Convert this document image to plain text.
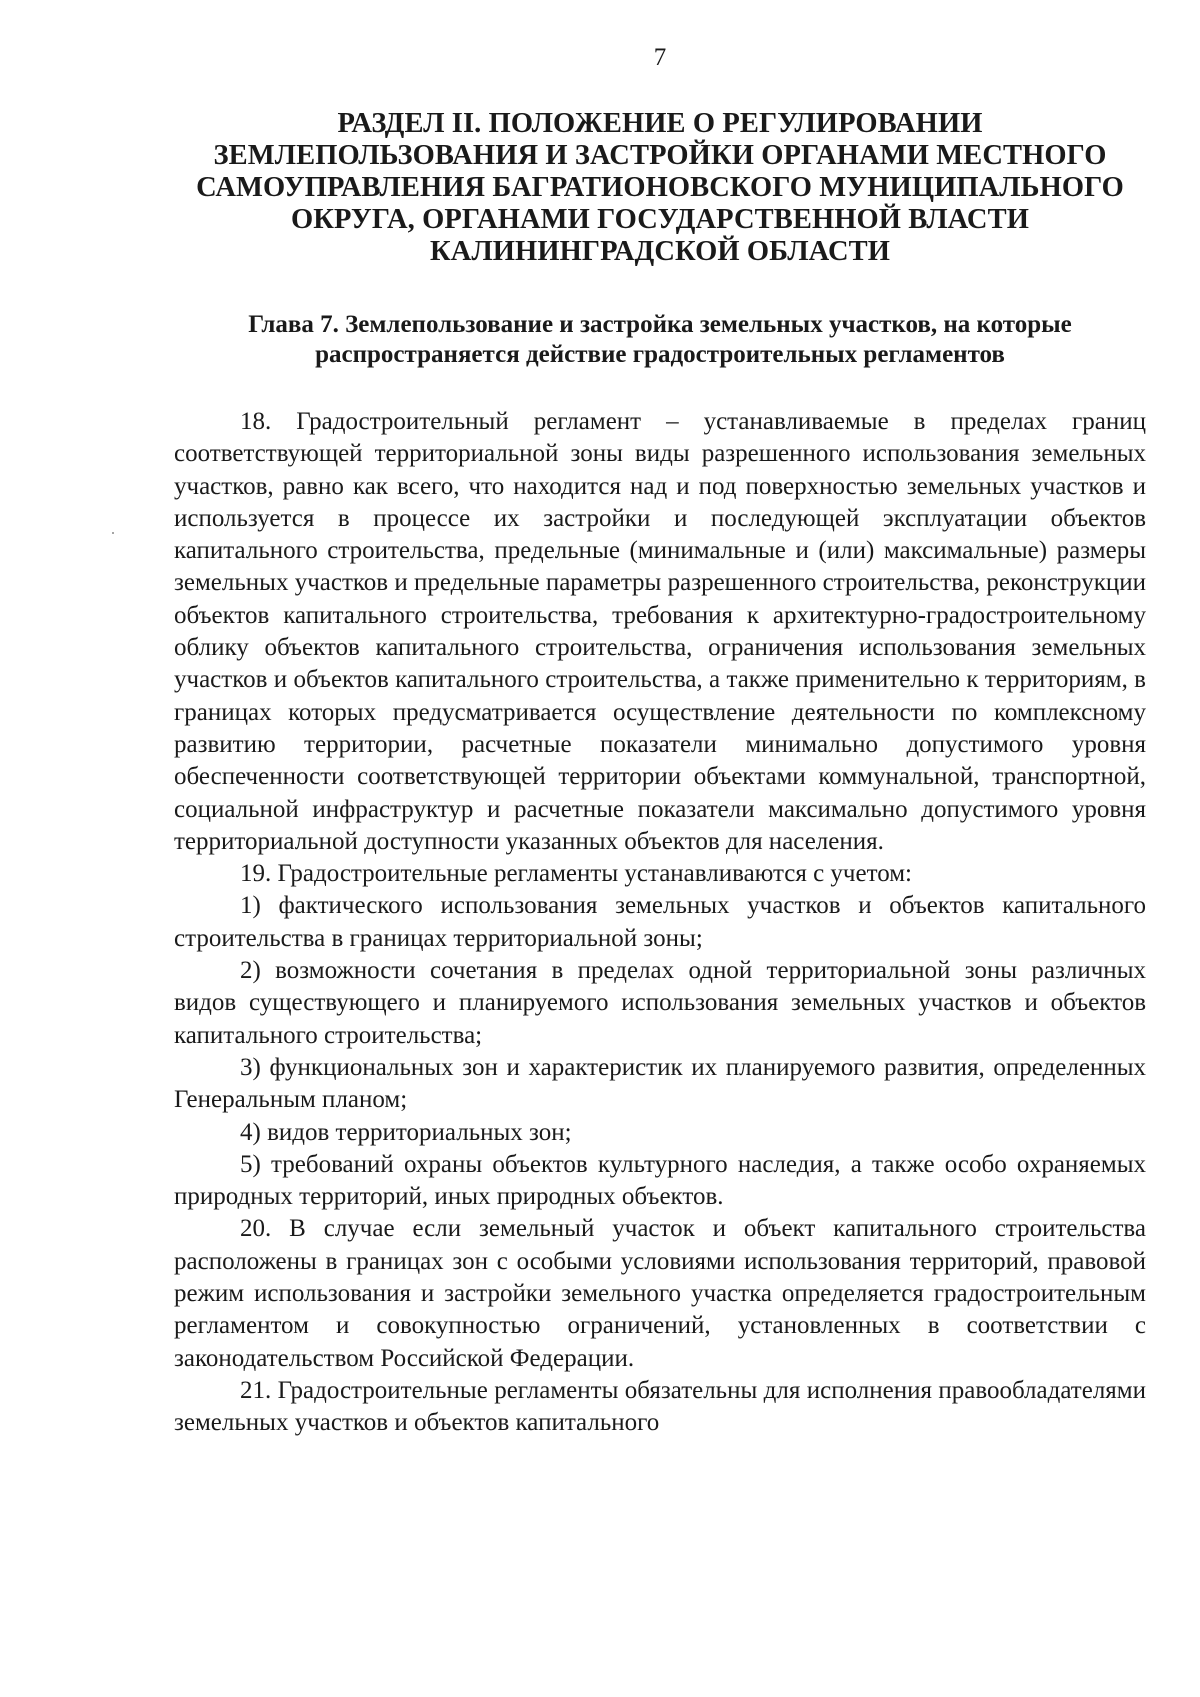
7
РАЗДЕЛ II. ПОЛОЖЕНИЕ О РЕГУЛИРОВАНИИ ЗЕМЛЕПОЛЬЗОВАНИЯ И ЗАСТРОЙКИ ОРГАНАМИ МЕСТНОГО САМОУПРАВЛЕНИЯ БАГРАТИОНОВСКОГО МУНИЦИПАЛЬНОГО ОКРУГА, ОРГАНАМИ ГОСУДАРСТВЕННОЙ ВЛАСТИ КАЛИНИНГРАДСКОЙ ОБЛАСТИ
Глава 7. Землепользование и застройка земельных участков, на которые распространяется действие градостроительных регламентов

18. Градостроительный регламент – устанавливаемые в пределах границ соответствующей территориальной зоны виды разрешенного использования земельных участков, равно как всего, что находится над и под поверхностью земельных участков и используется в процессе их застройки и последующей эксплуатации объектов капитального строительства, предельные (минимальные и (или) максимальные) размеры земельных участков и предельные параметры разрешенного строительства, реконструкции объектов капитального строительства, требования к архитектурно-градостроительному облику объектов капитального строительства, ограничения использования земельных участков и объектов капитального строительства, а также применительно к территориям, в границах которых предусматривается осуществление деятельности по комплексному развитию территории, расчетные показатели минимально допустимого уровня обеспеченности соответствующей территории объектами коммунальной, транспортной, социальной инфраструктур и расчетные показатели максимально допустимого уровня территориальной доступности указанных объектов для населения.

19. Градостроительные регламенты устанавливаются с учетом:

1) фактического использования земельных участков и объектов капитального строительства в границах территориальной зоны;

2) возможности сочетания в пределах одной территориальной зоны различных видов существующего и планируемого использования земельных участков и объектов капитального строительства;

3) функциональных зон и характеристик их планируемого развития, определенных Генеральным планом;

4) видов территориальных зон;

5) требований охраны объектов культурного наследия, а также особо охраняемых природных территорий, иных природных объектов.

20. В случае если земельный участок и объект капитального строительства расположены в границах зон с особыми условиями использования территорий, правовой режим использования и застройки земельного участка определяется градостроительным регламентом и совокупностью ограничений, установленных в соответствии с законодательством Российской Федерации.

21. Градостроительные регламенты обязательны для исполнения правообладателями земельных участков и объектов капитального
